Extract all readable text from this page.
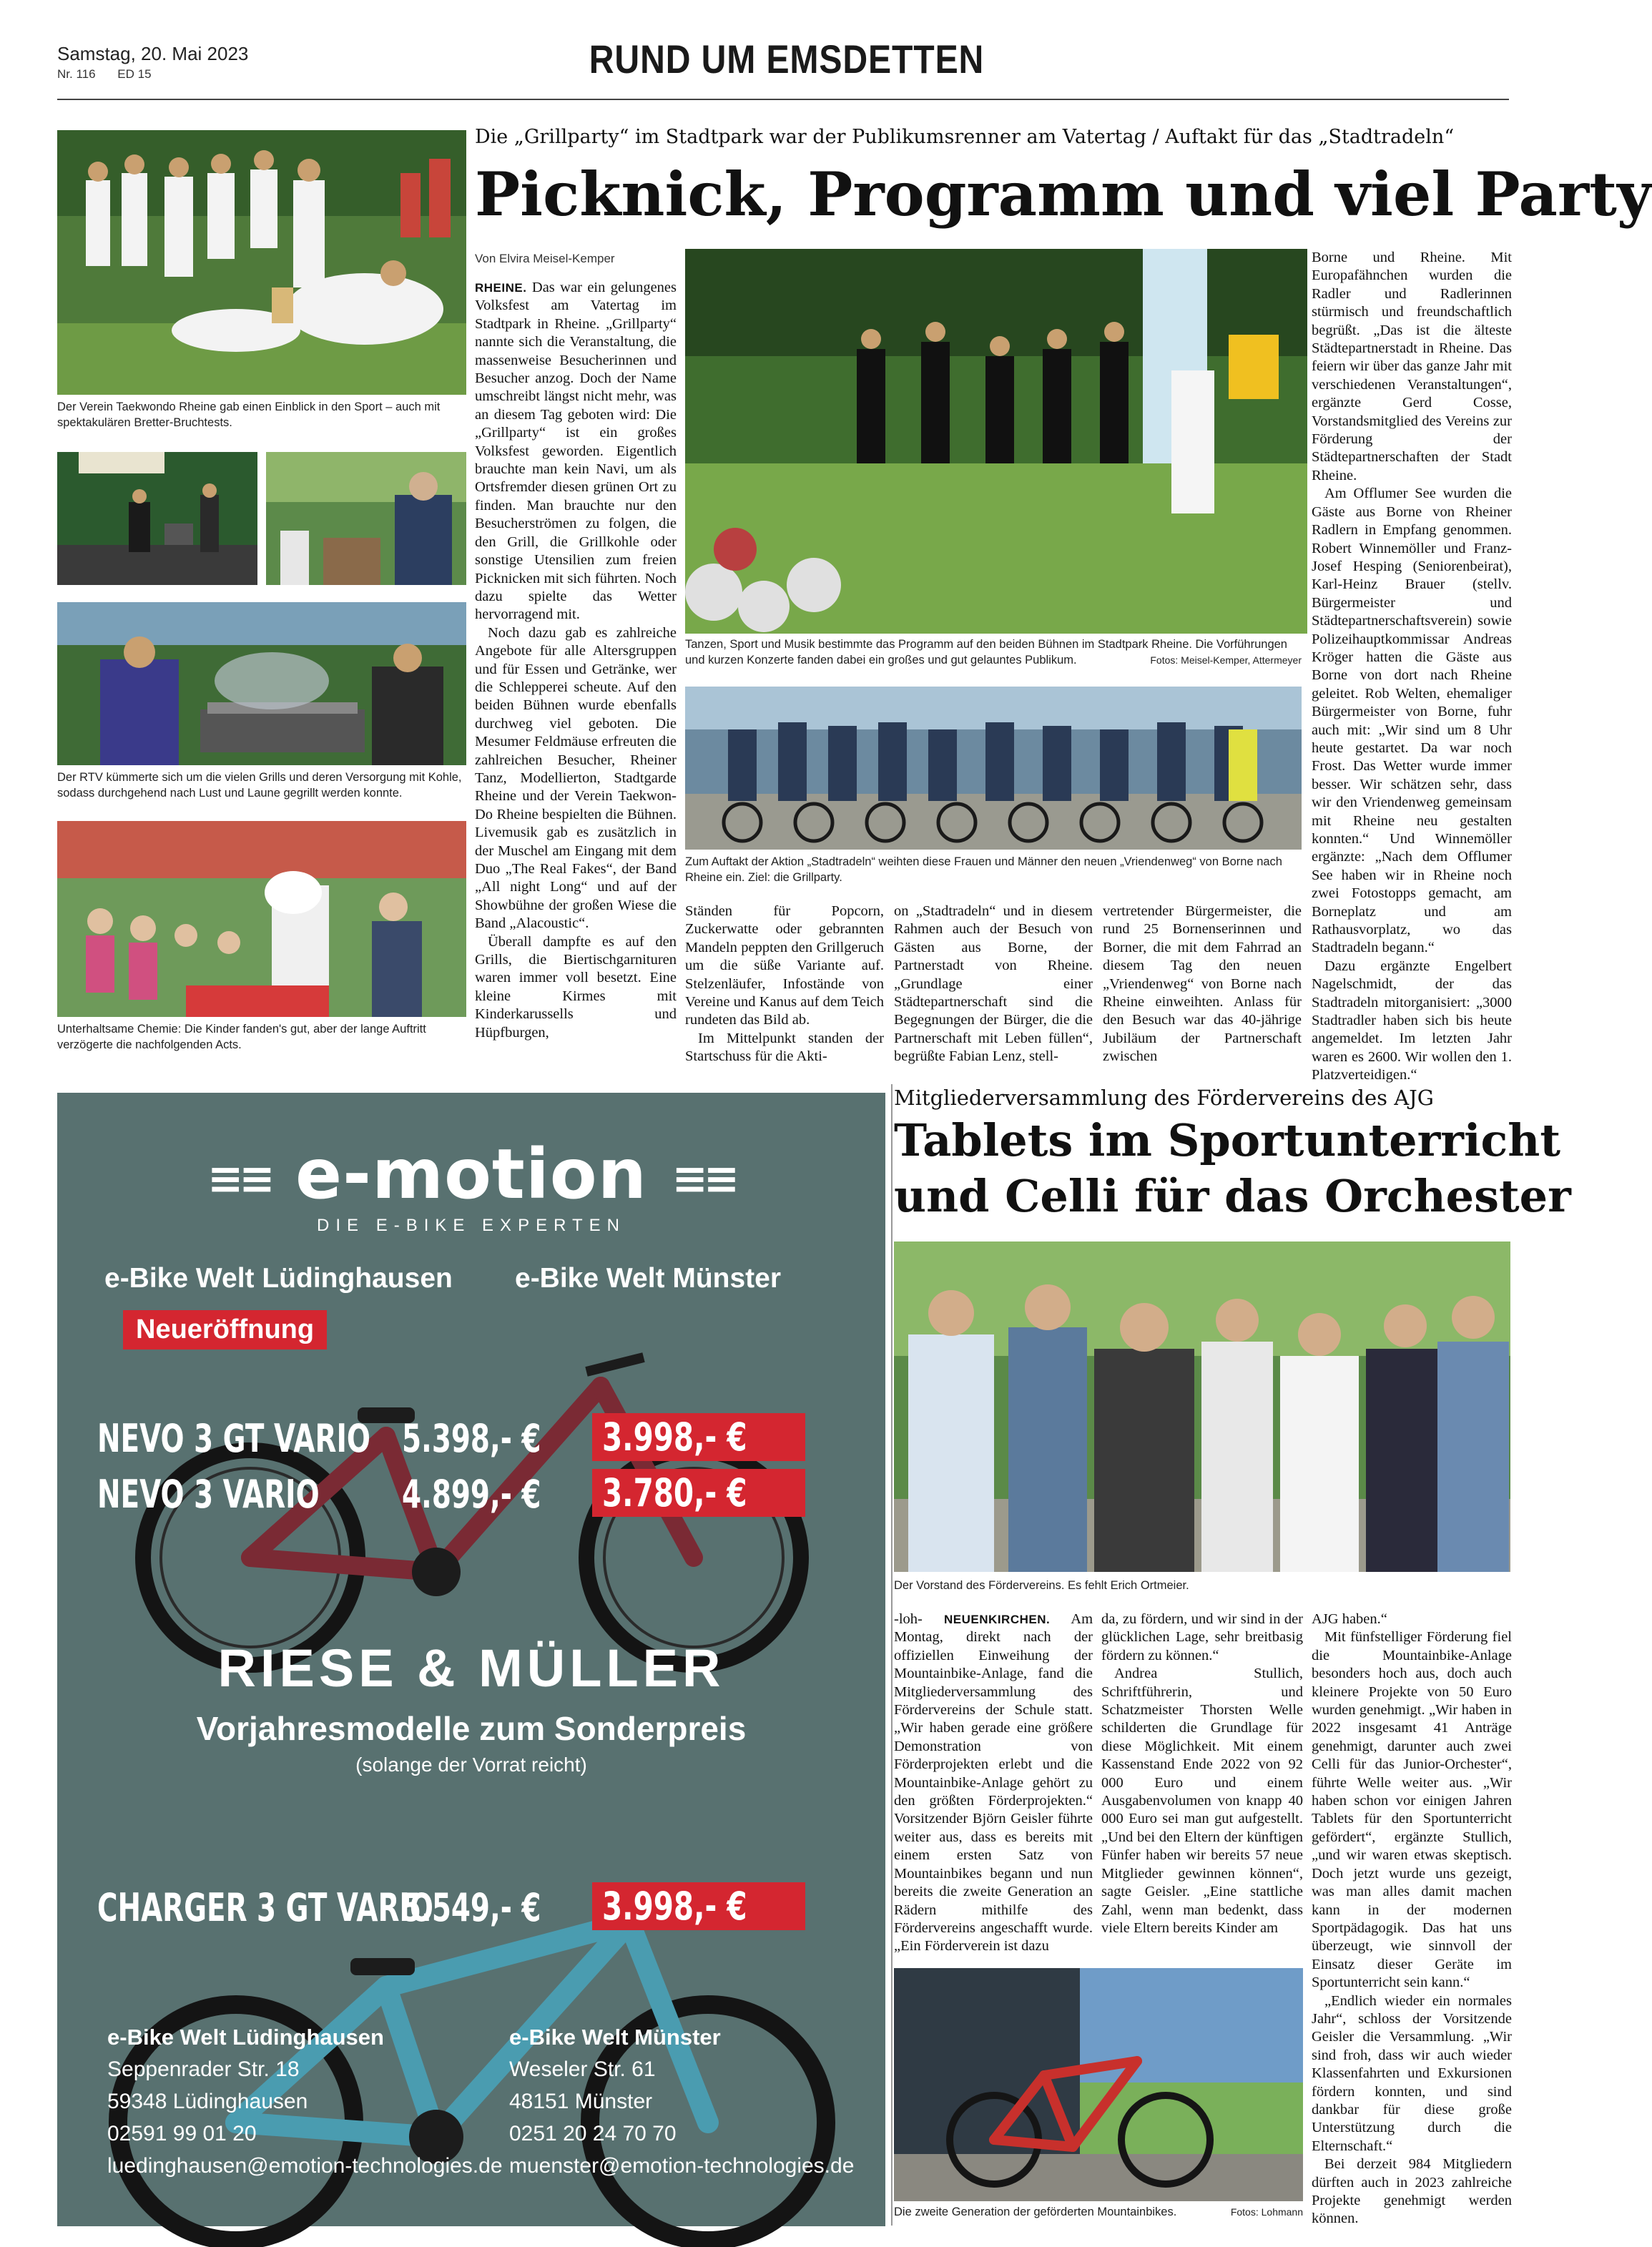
Samstag, 20. Mai 2023
Nr. 116 ED 15	RUND UM EMSDETTEN
Der Verein Taekwondo Rheine gab einen Einblick in den Sport – auch mit spektakulären Bretter-Bruchtests.
Der RTV kümmerte sich um die vielen Grills und deren Versorgung mit Kohle, sodass durchgehend nach Lust und Laune gegrillt werden konnte.
Unterhaltsame Chemie: Die Kinder fanden's gut, aber der lange Auftritt verzögerte die nachfolgenden Acts.
Die „Grillparty“ im Stadtpark war der Publikumsrenner am Vatertag / Auftakt für das „Stadtradeln“
Picknick, Programm und viel Party
Von Elvira Meisel-Kemper

RHEINE. Das war ein gelungenes Volksfest am Vatertag im Stadtpark in Rheine. „Grillparty“ nannte sich die Veranstaltung, die massenweise Besucherinnen und Besucher anzog. Doch der Name umschreibt längst nicht mehr, was an diesem Tag geboten wird: Die „Grillparty“ ist ein großes Volksfest geworden. Eigentlich brauchte man kein Navi, um als Ortsfremder diesen grünen Ort zu finden. Man brauchte nur den Besucherströmen zu folgen, die den Grill, die Grillkohle oder sonstige Utensilien zum freien Picknicken mit sich führten. Noch dazu spielte das Wetter hervorragend mit.

Noch dazu gab es zahlreiche Angebote für alle Altersgruppen und für Essen und Getränke, wer die Schlepperei scheute. Auf den beiden Bühnen wurde ebenfalls durchweg viel geboten. Die Mesumer Feldmäuse erfreuten die zahlreichen Besucher, Rheiner Tanz, Modellierton, Stadtgarde Rheine und der Verein Taekwon-Do Rheine bespielten die Bühnen. Livemusik gab es zusätzlich in der Muschel am Eingang mit dem Duo „The Real Fakes“, der Band „All night Long“ und auf der Showbühne der großen Wiese die Band „Alacoustic“.

Überall dampfte es auf den Grills, die Biertischgarnituren waren immer voll besetzt. Eine kleine Kirmes mit Kinderkarussells und Hüpfburgen,

Tanzen, Sport und Musik bestimmte das Programm auf den beiden Bühnen im Stadtpark Rheine. Die Vorführungen und kurzen Konzerte fanden dabei ein großes und gut gelauntes Publikum.	Fotos: Meisel-Kemper, Attermeyer
Zum Auftakt der Aktion „Stadtradeln“ weihten diese Frauen und Männer den neuen „Vriendenweg“ von Borne nach Rheine ein. Ziel: die Grillparty.

Ständen für Popcorn, Zuckerwatte oder gebrannten Mandeln peppten den Grillgeruch um die süße Variante auf. Stelzenläufer, Infostände von Vereine und Kanus auf dem Teich rundeten das Bild ab.

Im Mittelpunkt standen der Startschuss für die Akti-

on „Stadtradeln“ und in diesem Rahmen auch der Besuch von Gästen aus Borne, der Partnerstadt von Rheine. „Grundlage einer Städtepartnerschaft sind die Begegnungen der Bürger, die die Partnerschaft mit Leben füllen“, begrüßte Fabian Lenz, stell-

vertretender Bürgermeister, die rund 25 Bornenserinnen und Borner, die mit dem Fahrrad an diesem Tag den neuen „Vriendenweg“ von Borne nach Rheine einweihten. Anlass für den Besuch war das 40-jährige Jubiläum der Partnerschaft zwischen

Borne und Rheine. Mit Europafähnchen wurden die Radler und Radlerinnen stürmisch und freundschaftlich begrüßt. „Das ist die älteste Städtepartnerstadt in Rheine. Das feiern wir über das ganze Jahr mit verschiedenen Veranstaltungen“, ergänzte Gerd Cosse, Vorstandsmitglied des Vereins zur Förderung der Städtepartnerschaften der Stadt Rheine.

Am Offlumer See wurden die Gäste aus Borne von Rheiner Radlern in Empfang genommen. Robert Winnemöller und Franz-Josef Hesping (Seniorenbeirat), Karl-Heinz Brauer (stellv. Bürgermeister und Städtepartnerschaftsverein) sowie Polizeihauptkommissar Andreas Kröger hatten die Gäste aus Borne von dort nach Rheine geleitet. Rob Welten, ehemaliger Bürgermeister von Borne, fuhr auch mit: „Wir sind um 8 Uhr heute gestartet. Da war noch Frost. Das Wetter wurde immer besser. Wir schätzen sehr, dass wir den Vriendenweg gemeinsam mit Rheine neu gestalten konnten.“ Und Winnemöller ergänzte: „Nach dem Offlumer See haben wir in Rheine noch zwei Fotostopps gemacht, am Borneplatz und am Rathausvorplatz, wo das Stadtradeln begann.“

Dazu ergänzte Engelbert Nagelschmidt, der das Stadtradeln mitorganisiert: „3000 Stadtradler haben sich bis heute angemeldet. Im letzten Jahr waren es 2600. Wir wollen den 1. Platzverteidigen.“

≡≡ e-motion ≡≡
DIE E-BIKE EXPERTEN
e-Bike Welt Lüdinghausen e-Bike Welt Münster
Neueröffnung
NEVO 3 GT VARIO 5.398,- € 3.998,- €
NEVO 3 VARIO 4.899,- € 3.780,- €
RIESE & MÜLLER
Vorjahresmodelle zum Sonderpreis
(solange der Vorrat reicht)
CHARGER 3 GT VARIO
5.549,- € 3.998,- €
e-Bike Welt Lüdinghausen
Seppenrader Str. 18
59348 Lüdinghausen
02591 99 01 20
luedinghausen@emotion-technologies.de
e-Bike Welt Münster
Weseler Str. 61
48151 Münster
0251 20 24 70 70
muenster@emotion-technologies.de
Mitgliederversammlung des Fördervereins des AJG
Tablets im Sportunterricht
und Celli für das Orchester
Der Vorstand des Fördervereins. Es fehlt Erich Ortmeier.

-loh- NEUENKIRCHEN. Am Montag, direkt nach der offiziellen Einweihung der Mountainbike-Anlage, fand die Mitgliederversammlung des Fördervereins der Schule statt. „Wir haben gerade eine größere Demonstration von Förderprojekten erlebt und die Mountainbike-Anlage gehört zu den größten Förderprojekten.“ Vorsitzender Björn Geisler führte weiter aus, dass es bereits mit einem ersten Satz von Mountainbikes begann und nun bereits die zweite Generation an Rädern mithilfe des Fördervereins angeschafft wurde. „Ein Förderverein ist dazu

da, zu fördern, und wir sind in der glücklichen Lage, sehr breitbasig fördern zu können.“

Andrea Stullich, Schriftführerin, und Schatzmeister Thorsten Welle schilderten die Grundlage für diese Möglichkeit. Mit einem Kassenstand Ende 2022 von 92 000 Euro und einem Ausgabenvolumen von knapp 40 000 Euro sei man gut aufgestellt. „Und bei den Eltern der künftigen Fünfer haben wir bereits 57 neue Mitglieder gewinnen können“, sagte Geisler. „Eine stattliche Zahl, wenn man bedenkt, dass viele Eltern bereits Kinder am

Die zweite Generation der geförderten Mountainbikes.	Fotos: Lohmann

AJG haben.“

Mit fünfstelliger Förderung fiel die Mountainbike-Anlage besonders hoch aus, doch auch kleinere Projekte von 50 Euro wurden genehmigt. „Wir haben in 2022 insgesamt 41 Anträge genehmigt, darunter auch zwei Celli für das Junior-Orchester“, führte Welle weiter aus. „Wir haben schon vor einigen Jahren Tablets für den Sportunterricht gefördert“, ergänzte Stullich, „und wir waren etwas skeptisch. Doch jetzt wurde uns gezeigt, was man alles damit machen kann in der modernen Sportpädagogik. Das hat uns überzeugt, wie sinnvoll der Einsatz dieser Geräte im Sportunterricht sein kann.“

„Endlich wieder ein normales Jahr“, schloss der Vorsitzende Geisler die Versammlung. „Wir sind froh, dass wir auch wieder Klassenfahrten und Exkursionen fördern konnten, und sind dankbar für diese große Unterstützung durch die Elternschaft.“

Bei derzeit 984 Mitgliedern dürften auch in 2023 zahlreiche Projekte genehmigt werden können.
